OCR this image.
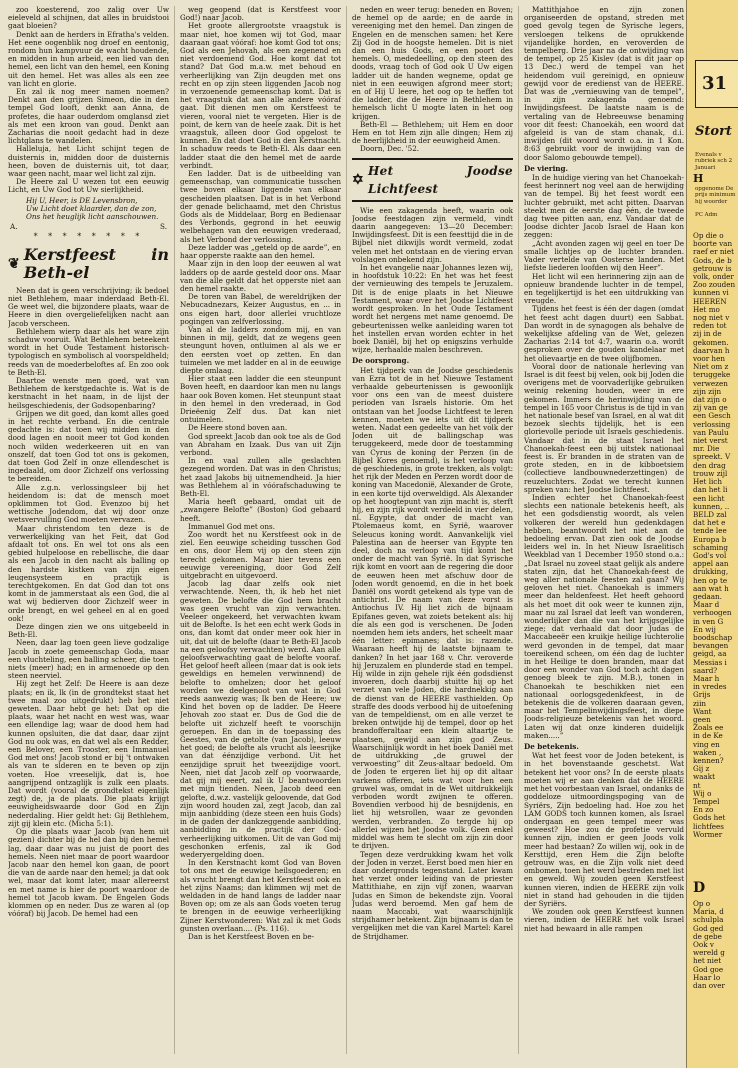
zoo koesterend, zoo zalig over Uw eieleveld al schijnen, dat alles in bruidstooi gaat bloeien?

Denkt aan de herders in Efratha's velden. Het eene oogenblik nog droef en eentonig, rondom hun kampvuur de wacht houdende, en midden in hun arbeid, een lied van den hemel, een licht van den hemel, een Koning uit den hemel. Het was alles als een zee van licht en glorie.

En zal ik nog meer namen noemen? Denkt aan den grijzen Simeon, die in den tempel God looft, denkt aan Anna, de profetes, die haar ouderdom omglansd ziet als met een kroon van goud. Denkt aan Zacharias die nooit gedacht had in deze lichtglans te wandelen.

Halleluja, het Licht schijnt tegen de duisternis in, midden door de duisternis heen, boven de duisternis uit, tot daar, waar geen nacht, maar wel licht zal zijn.

De Heere zal U wezen tot een eeuwig Licht, en Uw God tot Uw sierlijkheid.

Hij U, Heer, is DE Levensbron,
Uw Licht doet klaarder, dan de zon,
Ons het heuglijk licht aanschouwen.
A.	S.
* * * * * * * *
❦ Kerstfeest in Beth-el

Neen dat is geen verschrijving; ik bedoel niet Bethlehem, maar inderdaad Beth-El. Ge weet wel, die bijzondere plaats, waar de Heere in dien overgeliefelijken nacht aan Jacob verscheen.

Bethlehem wierp daar als het ware zijn schaduw vooruit. Wat Bethlehem beteekent wordt in het Oude Testament historisch-typologisch en symbolisch al voorspeldheld; reeds van de moederbeloftes af. En zoo ook te Beth-El.

Daartoe wenste men goed, wat van Bethlehem de kerstgedachte is. Wat is de kerstnacht in het naam, in de lijst der heilsgeschiedenis, der Godsopenbaring?

Grijpen we dit goed, dan komt alles goed in het rechte verband. En die centrale gedachte is: dat toen wij midden in den dood lagen en nooit meer tot God konden noch wilden wederkeeren uit en van onszelf, dat toen God tot ons is gekomen, dat toen God Zelf in onze ellendeschet is ingedaald, om door Zichzelf ons verlossing te bereiden.

Alle z.g.n. verlossingsleer bij het heidendom is: dat de mensch moet opklimmen tot God. Evenzoo bij het wettische Jodendom, dat wij door onze wetsvervulling God moeten vervazen.

Maar christendom ten deze is de verwerkelijking van het Feit, dat God afdaalt tot ons. En wel tot ons als een gebied hulpeloose en rebellische, die daar als een Jacob in den nacht als balling op den hardste kistken van zijn eigen leugensysteem en practijk is terechtgekomen. En dat God dan tot ons komt in de jammerstaat als een God, die al wat wij bedierven door Zichzelf weer in orde brengt, en wel geheel en al en goed ook!

Deze dingen zien we ons uitgebeeld in Beth-El.

Neen, daar lag toen geen lieve godzalige Jacob in zoete gemeenschap Goda, maar een vluchteling, een balling scheer, die toen niets (meer) had; en in armenoede op den steen neerviel.

Hij zegt het Zelf: De Heere is aan deze plaats; en ik, lk (in de grondtekst staat het twee maal zoo uitgedrukt) heb het niet geweten. Daar hebt ge het: Dat op die plaats, waar het nacht en west was, waar een ellendige lag; waar de dood hem had kunnen opsluiten, die dat daar, daar zijnt God nu ook was, en dat wel als een Redder, een Belover, een Trooster, een Immanuel God met ons! Jacob stond er bij 't ontwaken als van te slderen en te beven op zijn voeten. Hoe vreeselijk, dat is, hoe aangrijpend ontzaglijk is zulk een plaats. Dat wordt (vooral de grondtekst eigenlijk zegt) de, ja de plaats. Die plaats krijgt eeuwigheidswaarde door God en Zijn nederdaling. Hier geldt het: Gij Bethlehem, zijt gij klein etc. (Micha 5:1).

Op die plaats waar Jacob (van hem uit gezien) dichter bij de hel dan bij den hemel lag, daar daar was nu juist de poort des hemels. Neen niet maar de poort waardoor Jacob naar den hemel kon gaan, de poort die van de aarde naar den hemel; ja dat ook wel, maar dat komt later, maar allereerst en met name is hier de poort waardoor de hemel tot Jacob kwam. De Engelen Gods klommen op en neder. Dus ze waren al (op vóóraf) bij Jacob. De hemel had een

weg geopend (dat is Kerstfeest voor God!) naar Jacob.

Het groote allergrootste vraagstuk is maar niet, hoe komen wij tot God, maar daaraan gaat vóóraf: hoe komt God tot ons; God als een Jehovah, als een zegenend en niet verdoemend God. Hoe komt dat tot stand? Dat God m.a.w. met behoud en verheerlijking van Zijn deugden met ons recht en op zijn steen liggenden Jacob nog in verzoenende gemeenschap komt. Dat is het vraagstuk dat aan alle andere vóóraf gaat. Dit dienen men om Kerstfeest te vieren, vooral niet te vergeten. Hier is de point, de kern van de heele zaak. Dit is het vraagstuk, alleen door God opgelost te kunnen. En dat doet God in den Kerstnacht. In schaduw reeds te Beth-El. Als daar een ladder staat die den hemel met de aarde verbindt.

Een ladder. Dat is de uitbeelding van gemeenschap, van communicatie tusschen twee boven elkaar liggende van elkaar gescheiden plaatsen. Dat is in het Verbond der genade belichaamd, met den Christus Gods als de Middelaar, Borg en Bedienaar des Verbonds, gegrond in het eeuwig welbehagen van den eeuwigen vrederaad, als het Verbond der verlossing.

Deze ladder was „geteld op de aarde”, en haar opperste raakte aan den hemel.

Maar zijn in den loop der eeuwen al wat ladders op de aarde gesteld door ons. Maar van die alle geldt dat het opperste niet aan den hemel raakte.

De toren van Babel, de wereldrijken der Nebucadnezars, Keizer Augustus, en ... in ons eigen hart, door allerlei vruchtloze pogingen van zelfverlossing.

Van al de ladders zondom mij, en van binnen in mij, geldt, dat ze wegens geen steungunt hoven, ontluimen al als we er den eersten voet op zetten. En dan tuimelen we met ladder en al in de eeuwige diepte omlaag.

Hier staat een ladder die een steunpunt Boven heeft, en daardoor kan men nu langs haar ook Boven komen. Het steunpunt staat in den hemel in den vrederaad, in God Drieëenig Zelf dus. Dat kan niet ontuimelen.

De Heere stond boven aan.

God spreekt Jacob dan ook toe als de God van Abraham en Izaak. Dus van uit Zijn verbond.

In en vaal zullen alle geslachten gezegend worden. Dat was in den Christus; het zaad Jakobs bij uitnemendheid. Ja hier was Bethlehem al in vóórafschaduwing te Beth-El.

Maria heeft gebaard, omdat uit de „zwangere Belofte” (Boston) God gebaard heeft.

Immanuel God met ons.

Zoo wordt het nu Kerstfeest ook in de ziel. Een eeuwige scheiding tusschen God en ons, door Hem vij op den steen zijn terecht gekomen. Maar hier tevens een eeuwige vereeniging, door God Zelf uitgebracht en uitgevoerd.

Jacob lag daar zelfs ook niet verwachtende. Neen, th, ik heb het niet geweten. De belofte die God hem bracht was geen vrucht van zijn verwachten. Veeleer ongekeerd, het verwachten kwam uit de Belofte. Is het een echt werk Gods in ons, dan komt dat onder meer ook hier in uit, dat uit de belofte (daar te Beth-El Jacob na een geloofsy verwachten) werd. Aan alle geloofsverwachting gaat de belofte vooraf. Het geloof heeft alleen (maar dat is ook iets geweldigs en hemelen verwinnend) de belofte to omhelzen; door het geloof worden we deelgenoot van wat in God reeds aanwezig was; Ik ben de Heere; uw Kind het boven op de ladder. De Heere Jehovah zoo staat er. Dus de God die de belofte uit zichzelf heeft te voorschijn geroepen. En dan in de toepassing des Geestes, van de getolte (van Jacob), leeuw het goed; de belofte als vrucht als leesrijke van dat éénzijdige verbond. Uit het eenzijdige spruit het tweezijdige voort. Neen, niet dat Jacob zelf op voorwaarde, dat gij mij eeert, zal ik U beantwoorden met mijn tienden. Neen, Jacob deed een gelofte, d.w.z. vastelijk geloovende, dat God zijn woord houden zal, zegt Jacob, dan zal mijn aanbidding (deze steen een huis Gods) in de gaden der dankzeggende aanbidding, aanbidding in de practijk der God-verheerlijking uitkomen. Uit de van God mij geschonken erfenis, zal ik God wederyergelding doen.

In den Kerstnacht komt God van Boven tot ons met de eeuwige heilsgoederen; en als vrucht brengt dan het Kerstfeest ook en het zijns Naams; dan klimmen wij met de weldaden in de hand langs de ladder naar Boven op; om ze als aan Gods voeten terug te brengen in de eeuwige verheerlijking Zijner Kerstwonderen: Wat zal ik met Gods gunsten overlaan.... (Ps. 116).

Dan is het Kerstfeest Boven en be-

neden en weer terug: beneden en Boven; de hemel op de aarde; en de aarde in vereeniging met den hemel. Dan zingen de Engelen en de menschen samen: het Kere Zij God in de hoogste hemelen. Dit is niet dan een huis Gods, en een poort des hemels. O, mededeelling, op den steen des doods, vraag toch of God ook U Uw eigen ladder uit de handen wegneme, opdat ge niet in een eeuwigen afgrond meer stort; en of Hij U leere, het oog op te heffen tot die ladder, die de Heere in Bethlehem in hemelsch licht U mogte laten in het oog krijgen.

Beth-El — Bethlehem; uit Hem en door Hem en tot Hem zijn alle dingen; Hem zij de heerlijkheid in der eeuwigheid Amen.

Doorn, Dec. '52.

✡
Het Joodse Lichtfeest

Wie een zakagenda heeft, waarin ook Joodse feestdagen zijn vermeld, vindt daarin aangegeven: 13—20 December: Inwijdingsfeest. Dit is een feesttijd die in de Bijbel niet dikwijls wordt vermeld, zodat velen met het ontstaan en de viering ervan volslagen onbekend zijn.

In het evangelie naar Johannes lezen wij, in hoofdstuk 10:22: En het was het feest der vernieuwing des tempels te Jeruzalem. Dit is de enige plaats in het Nieuwe Testament, waar over het Joodse Lichtfeest wordt gesproken. In het Oude Testament wordt het nergens met name genoemd. De gebeurtenissen welke aanleiding waren tot het instellen ervan worden echter in het boek Daniël, bij het op enigszins verhulde wijze, herhaalde malen beschreven.

De oorsprong.

Het tijdperk van de Joodse geschiedenis van Ezra tot de in het Nieuwe Testament verhaalde gebeurtenissen is gewoonlijk voor ons een van de meest duistere perioden van Israels historie. Om het ontstaan van het Joodse Lichtfeest te leren kennen, moeten we iets uit dit tijdperk weten. Nadat een gedeelte van het volk der Joden uit de ballingschap was teruggekeerd, mede door de toestamming van Cyrus de koning der Perzen (in de Bijbel Kores genoemd), is het verloop van de geschiedenis, in grote trekken, als volgt: het rijk der Meden en Perzen wordt door de koning van Macedonië, Alexander de Grote, in een korte tijd overweldigd. Als Alexander op het hoogtepunt van zijn macht is, sterft hij, en zijn rijk wordt verdeeld in vier delen, nl. Egypte, dat onder de macht van Ptolemaeus komt, en Syrië, waarover Seleucus koning wordt. Aanvankelijk viel Palestina aan de heerser van Egypte ten deel, doch na verloop van tijd komt het onder de macht van Syrië. In dat Syrische rijk komt en voort aan de regering die door de eeuwen heen met afschuw door de Joden wordt genoemd, en die in het boek Daniël ons wordt getekend als type van de antichrist. De naam van deze vorst is Antiochus IV. Hij liet zich de bijnaam Epifanes geven, wat zoiets betekent als: hij die als een god is verschenen. De Joden noemden hem iets anders, het scheelt maar één letter: epimanes; dat is: razende. Waaraan heeft hij de laatste bijnaam te danken? In het jaar 168 v. Chr. veroverde hij Jeruzalem en plunderde stad en tempel. Hij wilde in zijn gehele rijk één godsdienst invoeren, doch daarbij stuitte hij op het verzet van vele Joden, die hardnekkig aan de dienst van de HEERE vasthielden. Op straffe des doods verbood hij de uitoefening van de tempeldienst, om en alle verzet te breken ontwijde hij de tempel, door op het brandofferaltaar een klein altaartje te plaatsen, gewijd aan zijn god Zeus. Waarschijnlijk wordt in het boek Daniël met de uitdrukking „de gruwel der verwoesting” dit Zeus-altaar bedoeld. Om de Joden te ergeren liet hij op dit altaar varkens offeren, iets wat voor hen een gruwel was, omdat in de Wet uitdrukkelijk verboden wordt zwijnen te offeren. Bovendien verbood hij de besnijdenis, en liet hij wetsrollen, waar ze gevonden werden, verbranden. Zo tergde hij op allerlei wijzen het Joodse volk. Geen enkel middel was hem te slecht om zijn zin door te drijven.

Tegen deze verdrukking kwam het volk der Joden in verzet. Eerst boed men hier en daar ondergronds tegenstand. Later kwam het verzet onder leiding van de priester Mattithiahe, en zijn vijf zonen, waarvan Judas en Simon de bekendste zijn. Vooral Judas werd beroemd. Men gaf hem de naam Maccabi, wat waarschijnlijk strijdhamer betekent. Zijn bijnaam is dan te vergelijken met die van Karel Martel: Karel de Strijdhamer.

Mattithjahoe en zijn zonen organiseerden de opstand, streden met goed gevolg tegen de Syrische legers, versloegen telkens de oprukkende vijandelijke horden, en veroverden de tempelberg. Drie jaar na de ontwijding van de tempel, op 25 Kislev (dat is dit jaar op 13 Dec.) werd de tempel van het heidendom vuil gereinigd, en opnieuw gewijd voor de eredienst van de HEERE. Dat was de „vernieuwing van de tempel”, in zijn zakagenda genoemd: Inwijdingsfeest. De laatste naam is de vertaling van de Hebreeuwse benaming voor dit feest: Chanoekáh, een woord dat afgeleid is van de stam chanak, d.i. inwijden (dit woord wordt o.a. in 1 Kon. 8:63 gebruikt voor de inwijding van de door Salomo gebouwde tempel).

De viering.

In de huidige viering van het Chanoekah-feest herinnert nog veel aan de herwijding van de tempel. Bij het feest wordt een luchter gebruikt, met acht pitten. Daarvan steekt men de eerste dag één, de tweede dag twee pitten aan, enz. Vandaar dat de Joodse dichter Jacob Israel de Haan kon zeggen:

„Acht avonden zagen wij geel en toer De smalle lichtjes op de luchter branden. Vader vertelde van Oosterse landen. Met liefste liederen loofden wij den Heer”.

Het licht wil een herinnering zijn aan de opnieuw brandende luchter in de tempel, en tegelijkertijd is het een uitdrukking van vreugde.

Tijdens het feest is één der dagen (omdat het feest acht dagen duurt) een Sabbat. Dan wordt in de synagogen als behalve de wekelijkse afdeling van de Wet, gelezen Zacharias 2:14 tot 4:7, waarin o.a. wordt gesproken over de gouden kandelaar met het olievaartje en de twee olijfbomen.

Vooral door de nationale herleving van Israel is dit feest bij velen, ook bij Joden die overigens met de voorvaderlijke gebruiken weinig rekening houden, weer in ere gekomen. Immers de herinwijding van de tempel in 165 voor Christus is de tijd in van het nationale besef van Israel, en al wat dit bezoek slechts tijdelijk, het is een glorievolle periode uit Israels geschiedenis. Vandaar dat in de staat Israel het Chanoekah-feest een bij uitstek nationaal feest is. Er branden in de straten van de grote steden, en in de kibboetsiem (collectieve landbouwnederzettingen) de reuzeluchters. Zodat we terecht kunnen spreken van: het Joodse lichtfeest.

Indien echter het Chanoekah-feest slechts een nationale betekenis heeft, als het een godsdienstig woordt, als velen volkeren der wereld hun gedenkdagen hebben, beantwoordt het niet aan de bedoeling ervan. Dat zien ook de Joodse leiders wel in. In het Nieuw Israelitisch Weekblad van 1 December 1950 stond o.a.: „Dat Israel nu zoveel staat gelijk als andere staten zijn, dat het Chanoekah-feest de weg aller nationale feesten zal gaan? Wij geloven het niet. Chanoekah is immers meer dan heldenfeest. Het heeft gehoord als het moet dit ook weer te kunnen zijn, maar nu zal Israel dat leeft van wonderen, wonderlijker dan die van het krijgsgelijke ziege; dat verhaald dat door Judas de Maccabeeër een kruikje heilige luchterolie werd gevonden in de tempel, dat maar toereikend scheen, om één dag de luchter in het Heilige te doen branden, maar dat door een wonder van God toch acht dagen genoeg bleek te zijn. M.B.), tonen in Chanoekah te beschikken niet een nationaal oorlogsgedenkfeest, in de betekenis die de volkeren daaraan geven, maar het Tempelinwijdingsfeest, in diepe Joods-religieuze betekenis van het woord. Laten wij dat onze kinderen duidelijk maken.....”

De betekenis.

Wat het feest voor de Joden betekent, is in het bovenstaande geschetst. Wat betekent het voor ons? In de eerste plaats moeten wij er aan denken dat de HEERE met het voorbestaan van Israel, ondanks de goddeloze uitmoordingspoging van de Syriërs, Zijn bedoeling had. Hoe zou het LAM GODS toch kunnen komen, als Israel ondergaan en geen tempel meer was geweest? Hoe zou de profetie vervuld kunnen zijn, indien er geen Joods volk meer had bestaan? Zo willen wij, ook in de Kersttijd, eren Hem die Zijn belofte getrouw was, en die Zijn volk niet deed ombomen, toen het werd bestreden met list en geweld. Wij zouden geen Kerstfeest kunnen vieren, indien de HEERE zijn volk niet in stand had gehouden in die tijden der Syriërs.

We zouden ook geen Kerstfeest kunnen vieren, indien de HEERE het volk Israel niet had bewaard in alle rampen

31
Stort
Evenals v rubriek sch 2 Januari
H
opgenome De prijs minimum hij woorder
PC Adm
Op die o
boorte van
raef er niet
Gods, de b
getrouw is
volk, onder
Zoo zouden
kunnen vi
HEEREN
Het mo
nog niet v
reden tot
zij in de
gekomen.
daarvan h
voor hen
Niet om z
teruggeke
verwezen
zijn zijn
dat zijn o
zij van ge
een Gesch
verlossing
van Paulu
niet verst
mr. Die
spreekt. V
den drag
trouw zijl
Het lich
dan het li
een licht
kunnen, ..
BELD zal
dat het e
tende lee
Europa b
schaming
God's vol
appel aan
drukking,
hen op te
aan wat h
gedaan.
Maar d
verhoogen
in ven G
En wij
boodschap
bevangen
geigd, aa
Messias i
saard?
Maar h
in vredes
Grijs
ziin
Want
geen
Zoals ee
in de Ke
ving en
waken ,
kennen?
Gij z
waakt
nt
Wij o
Tempel
En zo
Gods het
lichtfees
Wormer
D
Op o
Maria, d
schulpla
God ged
de gebe
Ook v
wereld g
het niet
God goe
Haar lo
dan over
